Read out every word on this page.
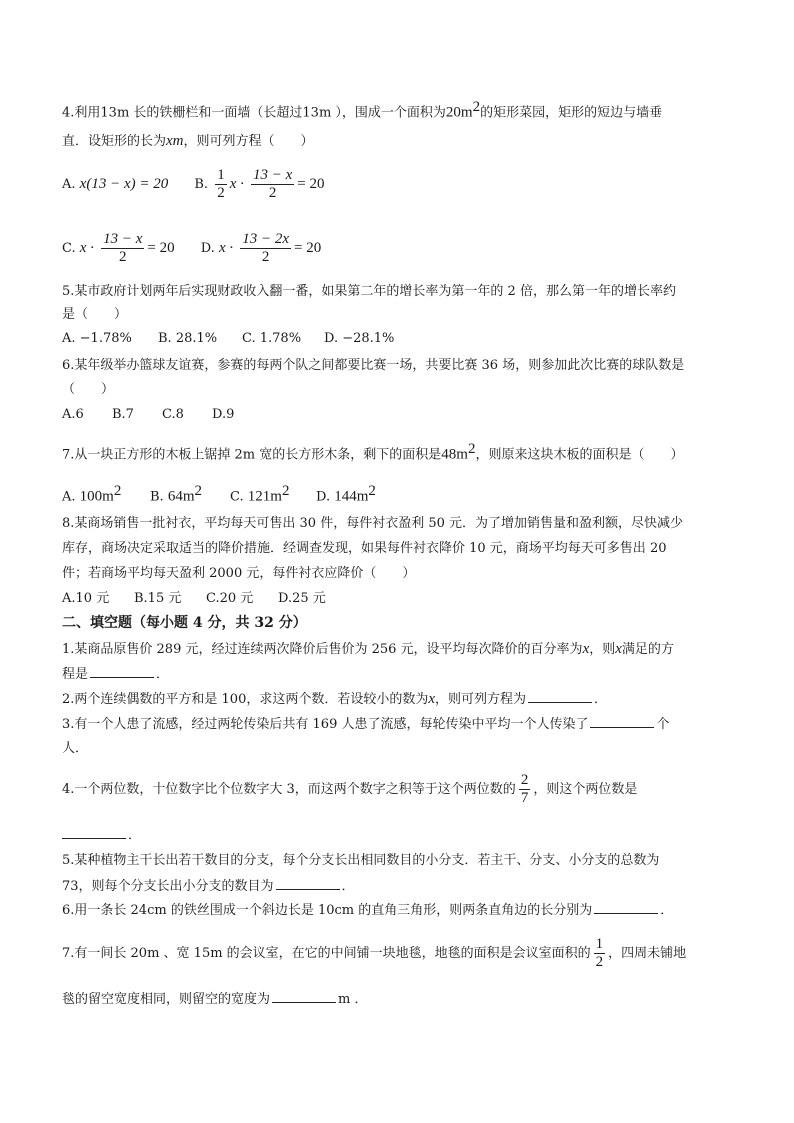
4.利用13m 长的铁栅栏和一面墙（长超过13m ），围成一个面积为$20m^2$的矩形菜园，矩形的短边与墙垂
直．设矩形的长为xm，则可列方程（　　）
A. x(13 − x) = 20 B. $\frac{1}{2}$ $x \cdot \frac{13 - x}{2} = 20$
C. $x \cdot \frac{13 - x}{2} = 20$ D. $x \cdot \frac{13 - 2x}{2} = 20$
5.某市政府计划两年后实现财政收入翻一番，如果第二年的增长率为第一年的 2 倍，那么第一年的增长率约
是（　　）
A. −1.78% B. 28.1% C. 1.78% D. −28.1%
6.某年级举办篮球友谊赛，参赛的每两个队之间都要比赛一场，共要比赛 36 场，则参加此次比赛的球队数是
（　　）
A.6 B.7 C.8 D.9
7.从一块正方形的木板上锯掉 2m 宽的长方形木条，剩下的面积是$48m^2$，则原来这块木板的面积是（　　）
A. $100m^2$ B. $64m^2$ C. $121m^2$ D. $144m^2$
8.某商场销售一批衬衣，平均每天可售出 30 件，每件衬衣盈利 50 元．为了增加销售量和盈利额，尽快减少
库存，商场决定采取适当的降价措施．经调查发现，如果每件衬衣降价 10 元，商场平均每天可多售出 20
件；若商场平均每天盈利 2000 元，每件衬衣应降价（　　）
A.10 元 B.15 元 C.20 元 D.25 元
二、填空题（每小题 4 分，共 32 分）
1.某商品原售价 289 元，经过连续两次降价后售价为 256 元，设平均每次降价的百分率为x，则x满足的方
程是	．
2.两个连续偶数的平方和是 100，求这两个数．若设较小的数为x，则可列方程为	．
3.有一个人患了流感，经过两轮传染后共有 169 人患了流感，每轮传染中平均一个人传染了	个
人．
4.一个两位数，十位数字比个位数字大 3，而这两个数字之积等于这个两位数的 $\frac{2}{7}$ ，则这个两位数是
．
5.某种植物主干长出若干数目的分支，每个分支长出相同数目的小分支．若主干、分支、小分支的总数为
73，则每个分支长出小分支的数目为	．
6.用一条长 24cm 的铁丝围成一个斜边长是 10cm 的直角三角形，则两条直角边的长分别为	．
7.有一间长 20m 、宽 15m 的会议室，在它的中间铺一块地毯，地毯的面积是会议室面积的 $\frac{1}{2}$ ，四周未铺地
毯的留空宽度相同，则留空的宽度为	m ．
